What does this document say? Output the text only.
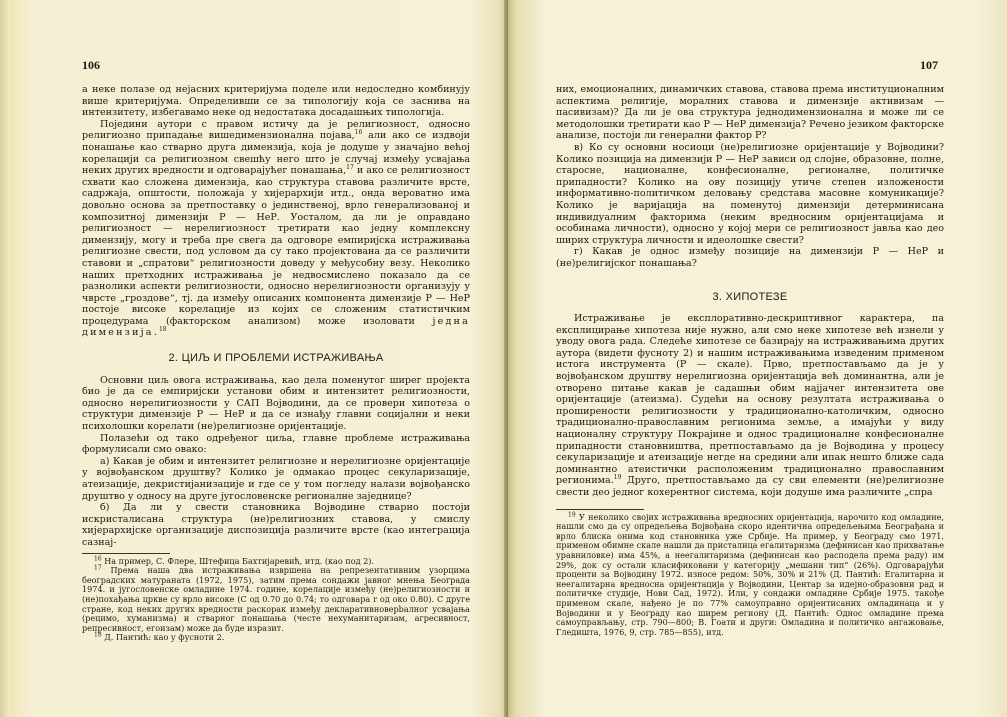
106

а неке полазе од нејасних критеријума поделе или недоследно комбинују више критеријума. Определивши се за типологију која се заснива на интензитету, избегавамо неке од недостатака досадашњих типологија.

Поједини аутори с правом истичу да је религиозност, односно религиозно припадање вишедимензионална појава,$^{16}$ али ако се издвоји понашање као стварно друга димензија, која је додуше у значајно већој корелацији са религиозном свешћу него што је случај између усвајања неких других вредности и одговарајућег понашања,$^{17}$ и ако се религиозност схвати као сложена димензија, као структура ставова различите врсте, садржаја, општости, положаја у хијерархији итд., онда вероватно има довољно основа за претпоставку о јединственој, врло генерализованој и композитној димензији Р — НеР. Уосталом, да ли је оправдано религиозност — нерелигиозност третирати као једну комплексну димензију, могу и треба пре свега да одговоре емпиријска истраживања религиозне свести, под условом да су тако пројектована да се различити ставови и „спратови“ религиозности доведу у међусобну везу. Неколико наших претходних истраживања је недвосмислено показало да се разнолики аспекти религиозности, односно нерелигиозности организују у чврсте „гроздове“, тј. да између описаних компонента димензије Р — НеР постоје високе корелације из којих се сложеним статистичким процедурама (факторском анализом) може изоловати једна димензија.$^{18}$

2. ЦИЉ И ПРОБЛЕМИ ИСТРАЖИВАЊА

Основни циљ овога истраживања, као дела поменутог ширег пројекта био је да се емпиријски установи обим и интензитет религиозности, односно нерелигиозности у САП Војводини, да се провери хипотеза о структури димензије Р — НеР и да се изнађу главни социјални и неки психолошки корелати (не)религиозне оријентације.

Полазећи од тако одређеног циља, главне проблеме истраживања формулисали смо овако:

а) Какав је обим и интензитет религиозне и нерелигиозне оријентације у војвођанском друштву? Колико је одмакао процес секуларизације, атеизације, декристијанизације и где се у том погледу налази војвођанско друштво у односу на друге југословенске регионалне заједнице?

б) Да ли у свести становника Војводине стварно постоји искристалисана структура (не)религиозних ставова, у смислу хијерархијске организације диспозиција различите врсте (као интеграција сазнај-

$^{16}$ На пример, С. Флере, Штефица Бахтијаревић, итд. (као под 2).

$^{17}$ Према нашa два истраживања извршена на репрезентативним узорцима београдских матураната (1972, 1975), затим према сондажи јавног мнења Београда 1974. и југословенске омладине 1974. године, корелације између (не)религиозности и (не)похађања цркве су врло високе (С од 0.70 до 0.74; то одговара r од око 0.80). С друге стране, код неких других вредности раскорак између декларативноверbалног усвајања (рецимо, хуманизма) и стварног понашања (честе нехуманитаризам, агресивност, репресивност, егоизам) може да буде изразит.

$^{18}$ Д. Пантић: као у фусноти 2.

107

них, емоционалних, динамичких ставова, ставова према институционалним аспектима религије, моралних ставова и димензије активизам — пасивизам)? Да ли је ова структура једнодимензионална и може ли се методолошки третирати као Р — НеР димензија? Речено језиком факторске анализе, постоји ли генерални фактор Р?

в) Ко су основни носиоци (не)религиозне оријентације у Војводини? Колико позиција на димензији Р — НеР зависи од слојне, образовне, полне, старосне, националне, конфесионалне, регионалне, политичке припадности? Колико на ову позицију утиче степен изложености информативно-политичком деловању средстава масовне комуникације? Колико је варијација на поменутој димензији детерминисана индивидуалним факторима (неким вредносним оријентацијама и особинама личности), односно у којој мери се религиозност јавља као део ширих структура личности и идеолошке свести?

г) Какав је однос између позиције на димензији Р — НеР и (не)религијског понашања?

3. ХИПОТЕЗЕ

Истраживање је експлоративно-дескриптивног карактера, па експлицирање хипотеза није нужно, али смо неке хипотезе већ изнели у уводу овога рада. Следеће хипотезе се базирају на истраживањима других аутора (видети фусноту 2) и нашим истраживањима изведеним применом истога инструмента (Р — скале). Прво, претпостављамо да је у војвођанском друштву нерелигиозна оријентација већ доминантна, али је отворено питање какав је садашњи обим најјачег интензитета ове оријентације (атеизма). Судећи на основу резултата истраживања о проширености религиозности у традиционално-католичким, односно традиционално-православним регионима земље, а имајући у виду националну структуру Покрајине и однос традиционалне конфесионалне припадности становништва, претпостављамо да је Војводина у процесу секуларизације и атеизације негде на средини али ипак нешто ближе сада доминантно атеистички расположеним традиционално православним регионима.$^{19}$ Друго, претпостављамо да су сви елементи (не)религиозне свести део једног кохерентног система, који додуше има различите „спра

$^{19}$ У неколико својих истраживања вредносних оријентација, нарочито код омладине, нашли смо да су опредељења Војвођана скоро идентична опредељењима Београђана и врло блиска онима код становника уже Србије. На пример, у Београду смо 1971. применом обимне скале нашли да присталица егалитаризма (дефинисан као прихватање уравниловке) има 45%, а неегалитаризма (дефинисан као расподела према раду) им 29%, док су остали класификовани у категорију „мешани тип“ (26%). Одговарајући проценти за Војводину 1972. износе редом: 50%, 30% и 21% (Д. Пантић: Егалитарна и неегалитарна вредносна оријентација у Војводини, Центар за идејно-образовни рад и политичке студије, Нови Сад, 1972). Или, у сондажи омладине Србије 1975. такође применом скале, нађено је по 77% самоуправно оријентисаних омладинаца и у Војводини и у Београду као ширем региону (Д. Пантић: Однос омладине према самоуправљању, стр. 790—800; В. Гоати и други: Омладина и политичко ангажовање, Гледишта, 1976, 9, стр. 785—855), итд.
